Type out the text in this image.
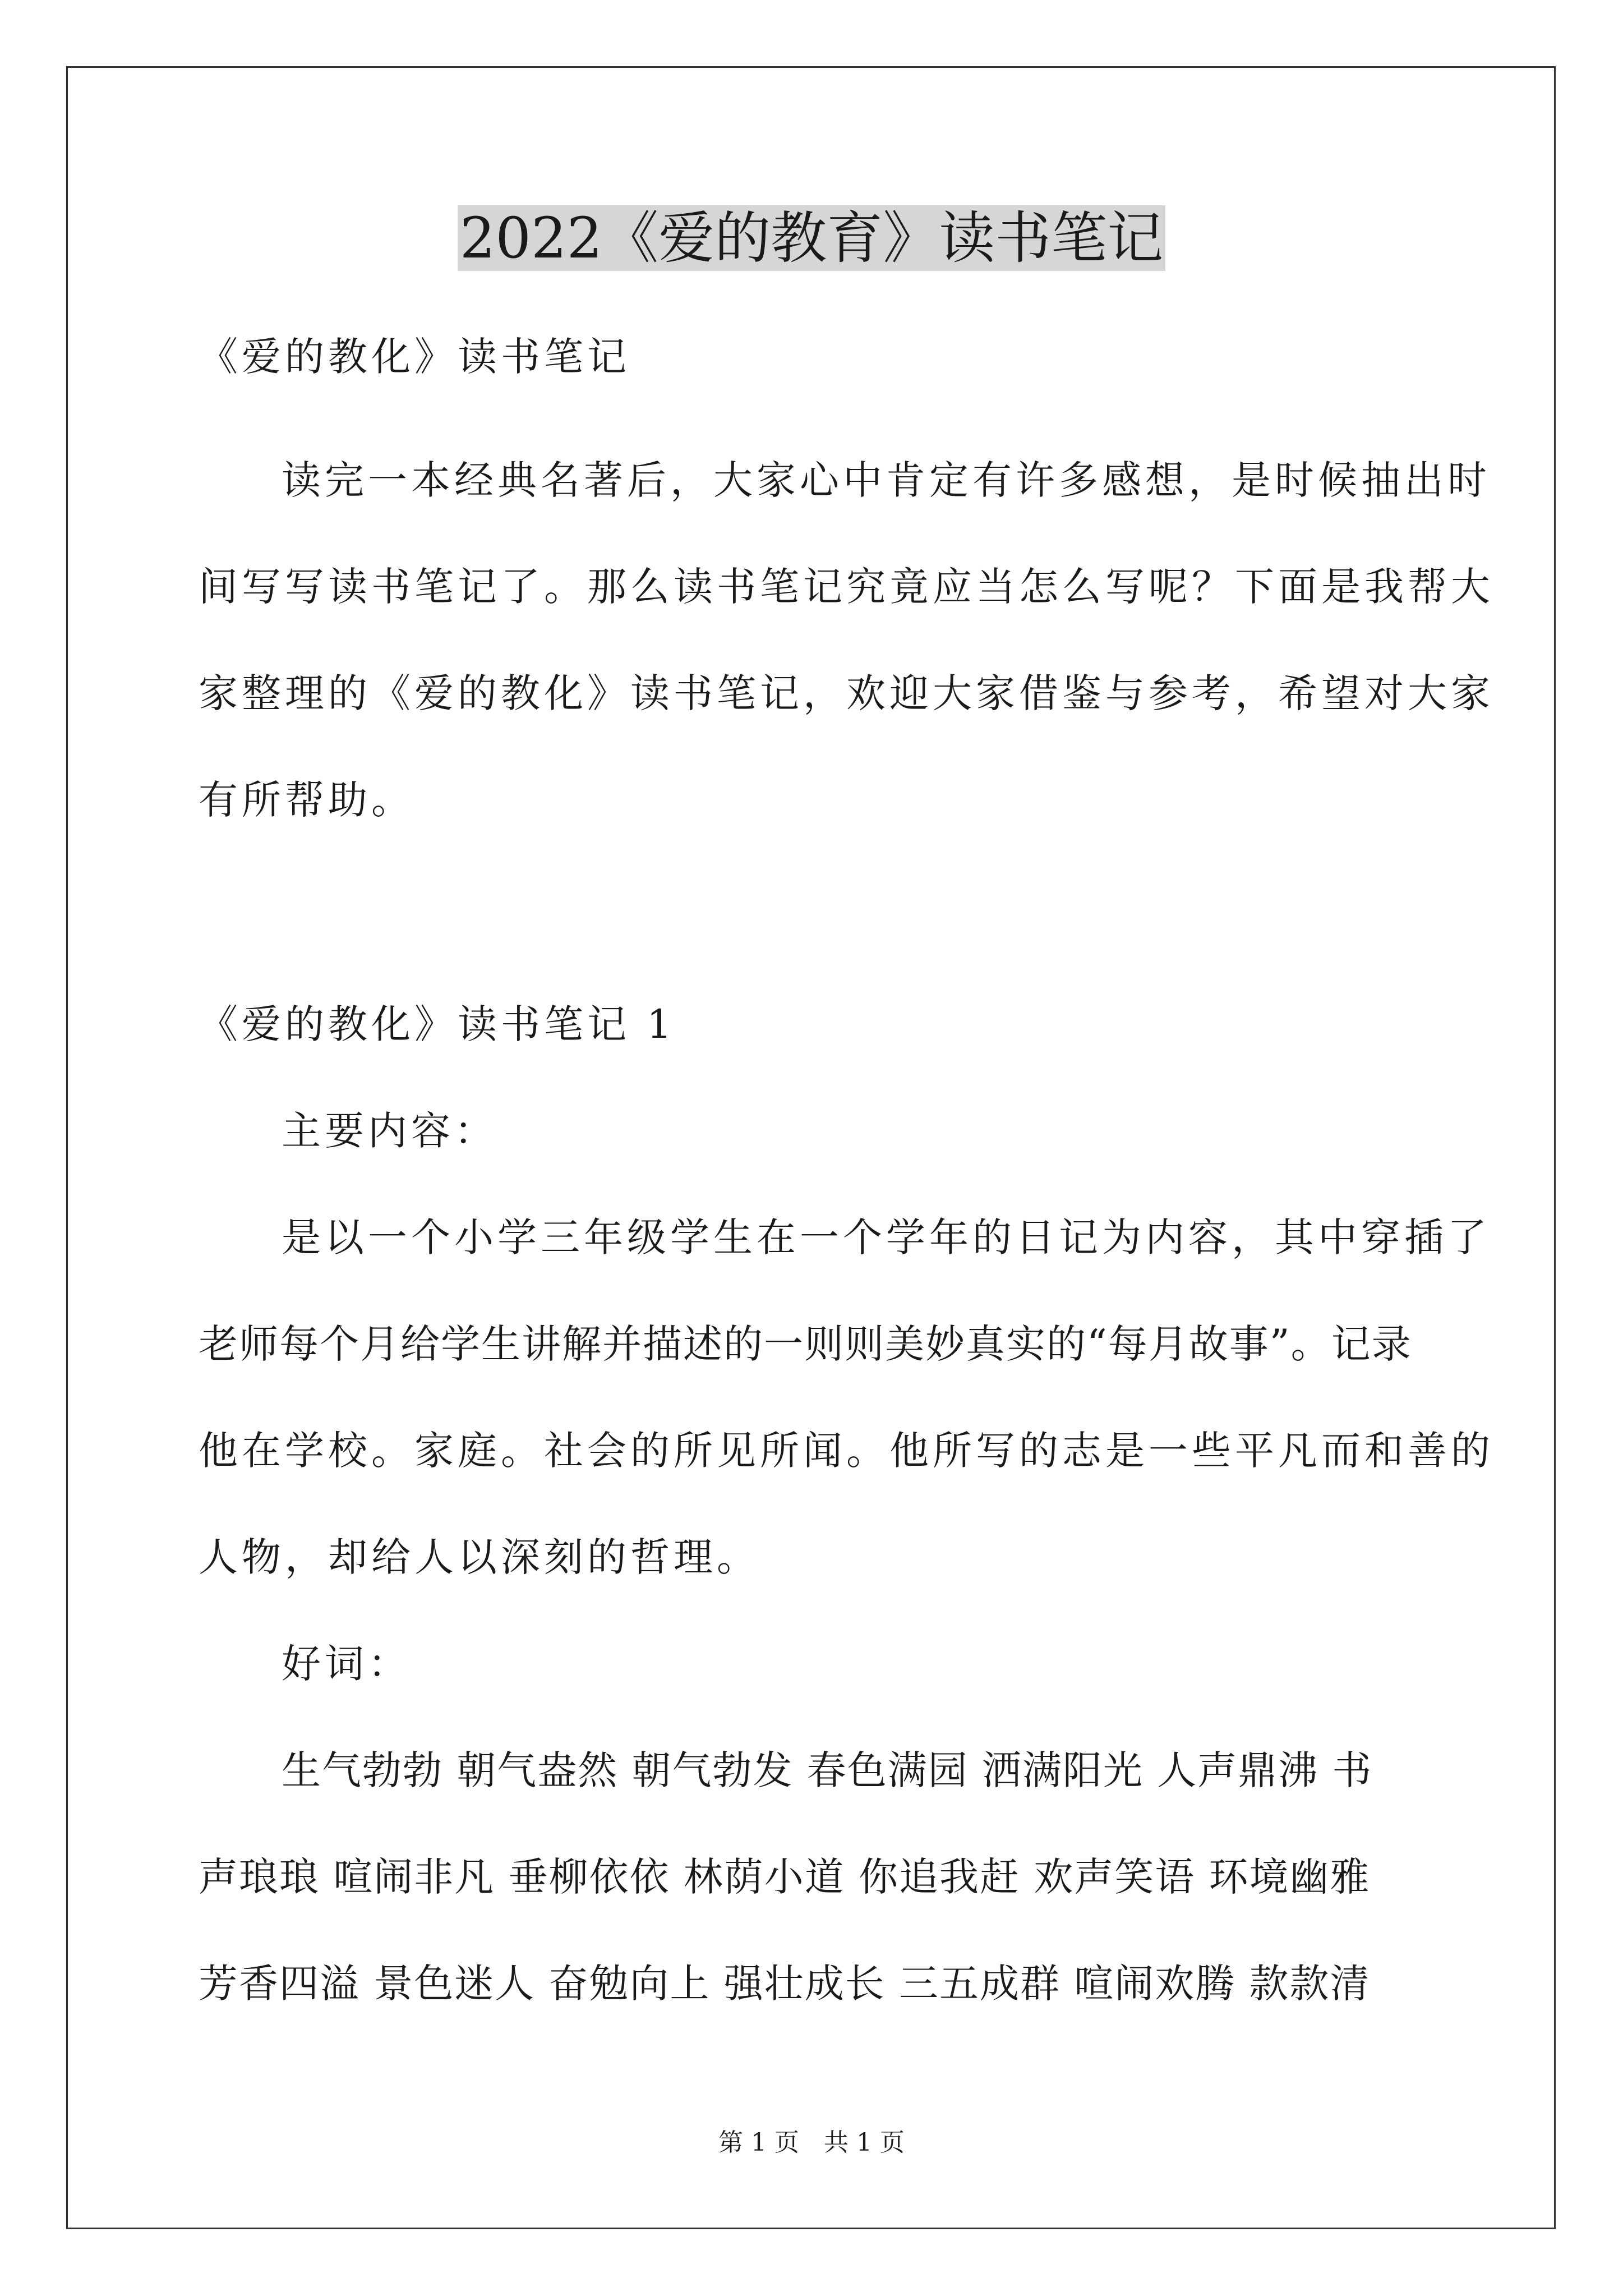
2022《爱的教育》读书笔记

《爱的教化》读书笔记

读完一本经典名著后，大家心中肯定有许多感想，是时候抽出时

间写写读书笔记了。那么读书笔记究竟应当怎么写呢？下面是我帮大

家整理的《爱的教化》读书笔记，欢迎大家借鉴与参考，希望对大家

有所帮助。

《爱的教化》读书笔记 1

主要内容：

是以一个小学三年级学生在一个学年的日记为内容，其中穿插了

老师每个月给学生讲解并描述的一则则美妙真实的“每月故事”。记录

他在学校。家庭。社会的所见所闻。他所写的志是一些平凡而和善的

人物，却给人以深刻的哲理。

好词：

生气勃勃 朝气盎然 朝气勃发 春色满园 洒满阳光 人声鼎沸 书

声琅琅 喧闹非凡 垂柳依依 林荫小道 你追我赶 欢声笑语 环境幽雅

芳香四溢 景色迷人 奋勉向上 强壮成长 三五成群 喧闹欢腾 款款清

第 1 页　共 1 页
